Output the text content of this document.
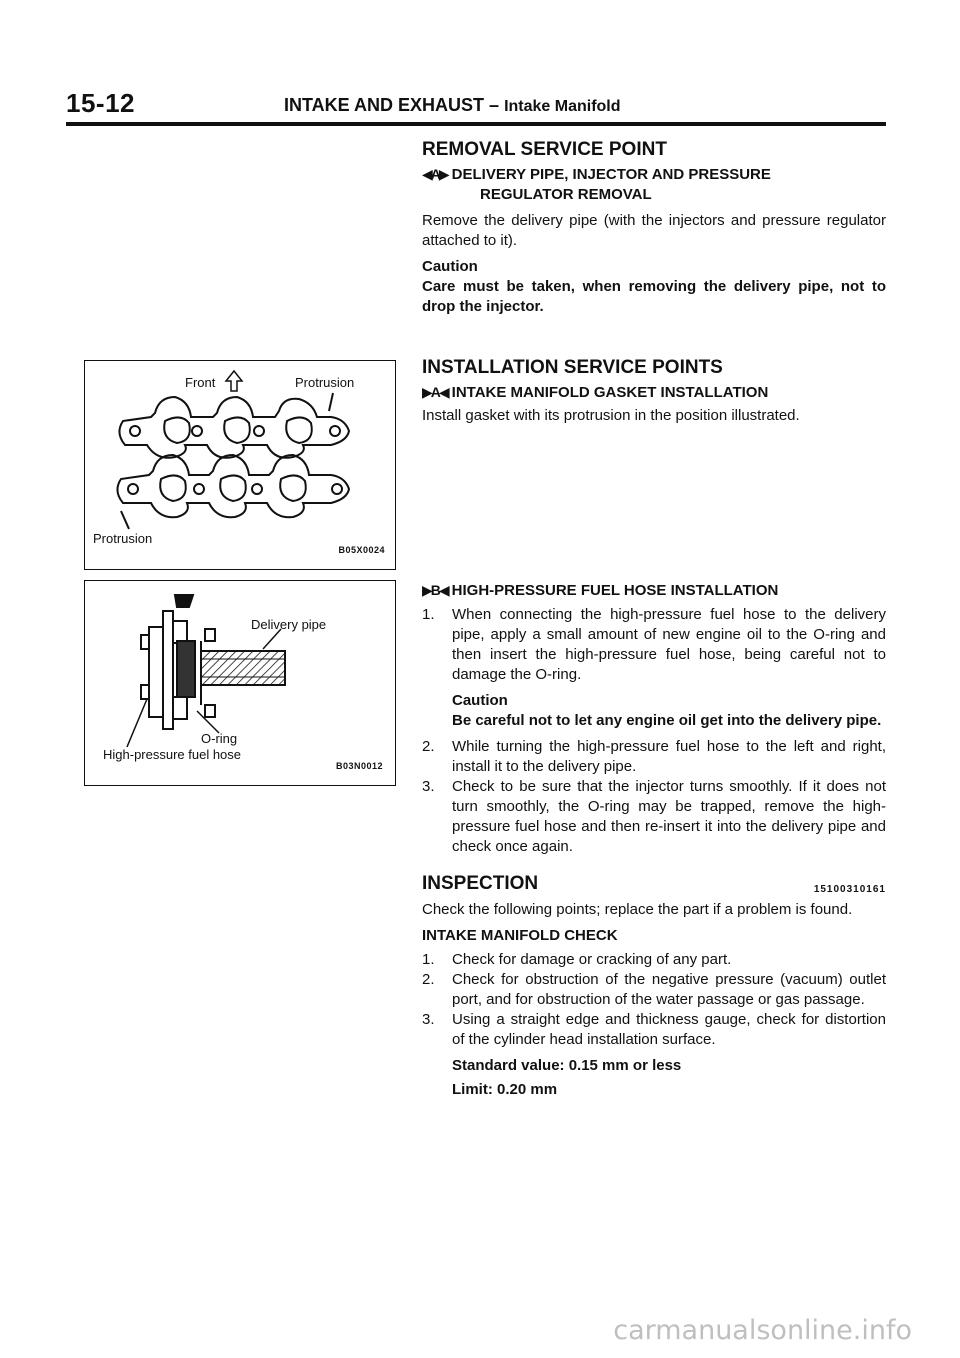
15-12	INTAKE AND EXHAUST – Intake Manifold
REMOVAL SERVICE POINT
◀A▶ DELIVERY PIPE, INJECTOR AND PRESSURE
REGULATOR REMOVAL

Remove the delivery pipe (with the injectors and pressure regulator attached to it).

Caution

Care must be taken, when removing the delivery pipe, not to drop the injector.

INSTALLATION SERVICE POINTS
▶A◀ INTAKE MANIFOLD GASKET INSTALLATION

Install gasket with its protrusion in the position illustrated.

▶B◀ HIGH-PRESSURE FUEL HOSE INSTALLATION
1. When connecting the high-pressure fuel hose to the delivery pipe, apply a small amount of new engine oil to the O-ring and then insert the high-pressure fuel hose, being careful not to damage the O-ring.
Caution
Be careful not to let any engine oil get into the delivery pipe.
2. While turning the high-pressure fuel hose to the left and right, install it to the delivery pipe.
3. Check to be sure that the injector turns smoothly. If it does not turn smoothly, the O-ring may be trapped, remove the high-pressure fuel hose and then re-insert it into the delivery pipe and check once again.
INSPECTION	15100310161

Check the following points; replace the part if a problem is found.

INTAKE MANIFOLD CHECK
1. Check for damage or cracking of any part.
2. Check for obstruction of the negative pressure (vacuum) outlet port, and for obstruction of the water passage or gas passage.
3. Using a straight edge and thickness gauge, check for distortion of the cylinder head installation surface.
Standard value: 0.15 mm or less
Limit: 0.20 mm
Front	Protrusion
Protrusion
B05X0024
Delivery pipe
O-ring
High-pressure fuel hose
B03N0012
carmanualsonline.info
